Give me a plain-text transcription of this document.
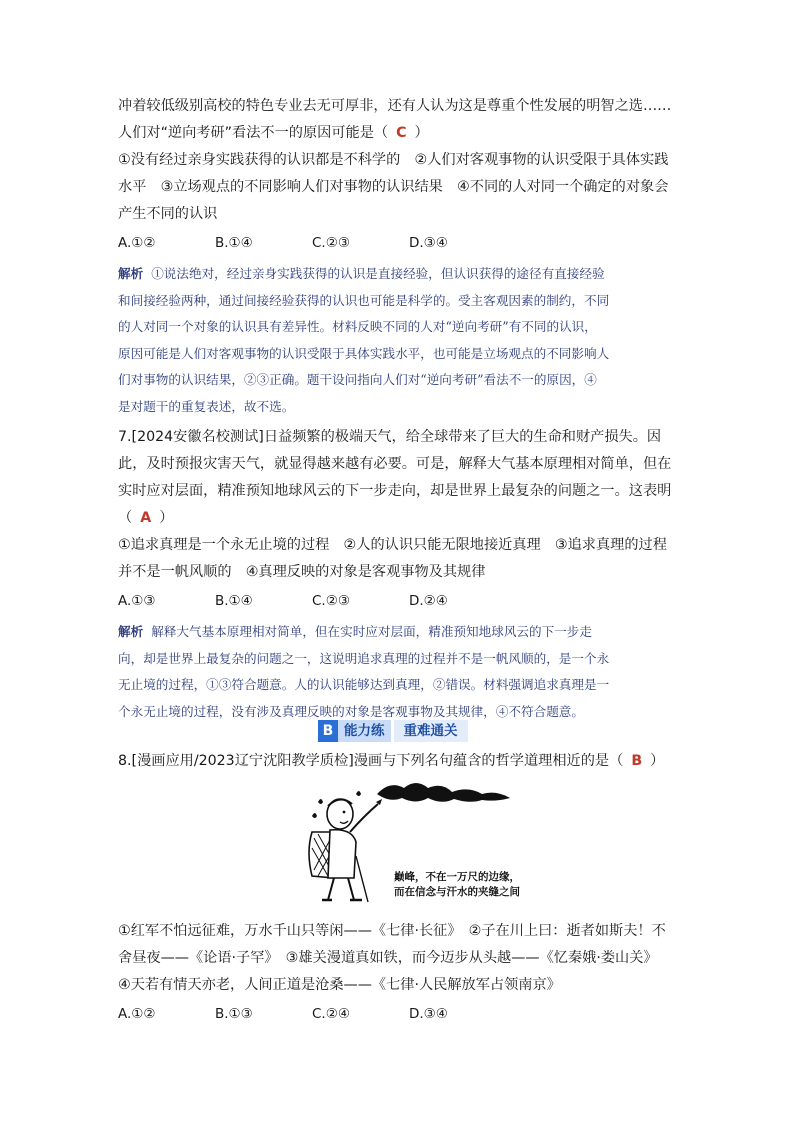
冲着较低级别高校的特色专业去无可厚非，还有人认为这是尊重个性发展的明智之选……
人们对“逆向考研”看法不一的原因可能是（ C ）
①没有经过亲身实践获得的认识都是不科学的　②人们对客观事物的认识受限于具体实践
水平　③立场观点的不同影响人们对事物的认识结果　④不同的人对同一个确定的对象会
产生不同的认识
A.①②	B.①④	C.②③	D.③④
解析 ①说法绝对，经过亲身实践获得的认识是直接经验，但认识获得的途径有直接经验
和间接经验两种，通过间接经验获得的认识也可能是科学的。受主客观因素的制约，不同
的人对同一个对象的认识具有差异性。材料反映不同的人对“逆向考研”有不同的认识，
原因可能是人们对客观事物的认识受限于具体实践水平，也可能是立场观点的不同影响人
们对事物的认识结果，②③正确。题干设问指向人们对“逆向考研”看法不一的原因，④
是对题干的重复表述，故不选。
7.[2024安徽名校测试]日益频繁的极端天气，给全球带来了巨大的生命和财产损失。因
此，及时预报灾害天气，就显得越来越有必要。可是，解释大气基本原理相对简单，但在
实时应对层面，精准预知地球风云的下一步走向，却是世界上最复杂的问题之一。这表明
（ A ）
①追求真理是一个永无止境的过程　②人的认识只能无限地接近真理　③追求真理的过程
并不是一帆风顺的　④真理反映的对象是客观事物及其规律
A.①③	B.①④	C.②③	D.②④
解析 解释大气基本原理相对简单，但在实时应对层面，精准预知地球风云的下一步走
向，却是世界上最复杂的问题之一，这说明追求真理的过程并不是一帆风顺的，是一个永
无止境的过程，①③符合题意。人的认识能够达到真理，②错误。材料强调追求真理是一
个永无止境的过程，没有涉及真理反映的对象是客观事物及其规律，④不符合题意。
B 能力练	重难通关
8.[漫画应用/2023辽宁沈阳教学质检]漫画与下列名句蕴含的哲学道理相近的是（ B ）
巅峰，不在一万尺的边缘，
而在信念与汗水的夹缝之间
①红军不怕远征难，万水千山只等闲——《七律·长征》　②子在川上曰：逝者如斯夫！不
舍昼夜——《论语·子罕》　③雄关漫道真如铁，而今迈步从头越——《忆秦娥·娄山关》
④天若有情天亦老，人间正道是沧桑——《七律·人民解放军占领南京》
A.①②	B.①③	C.②④	D.③④
